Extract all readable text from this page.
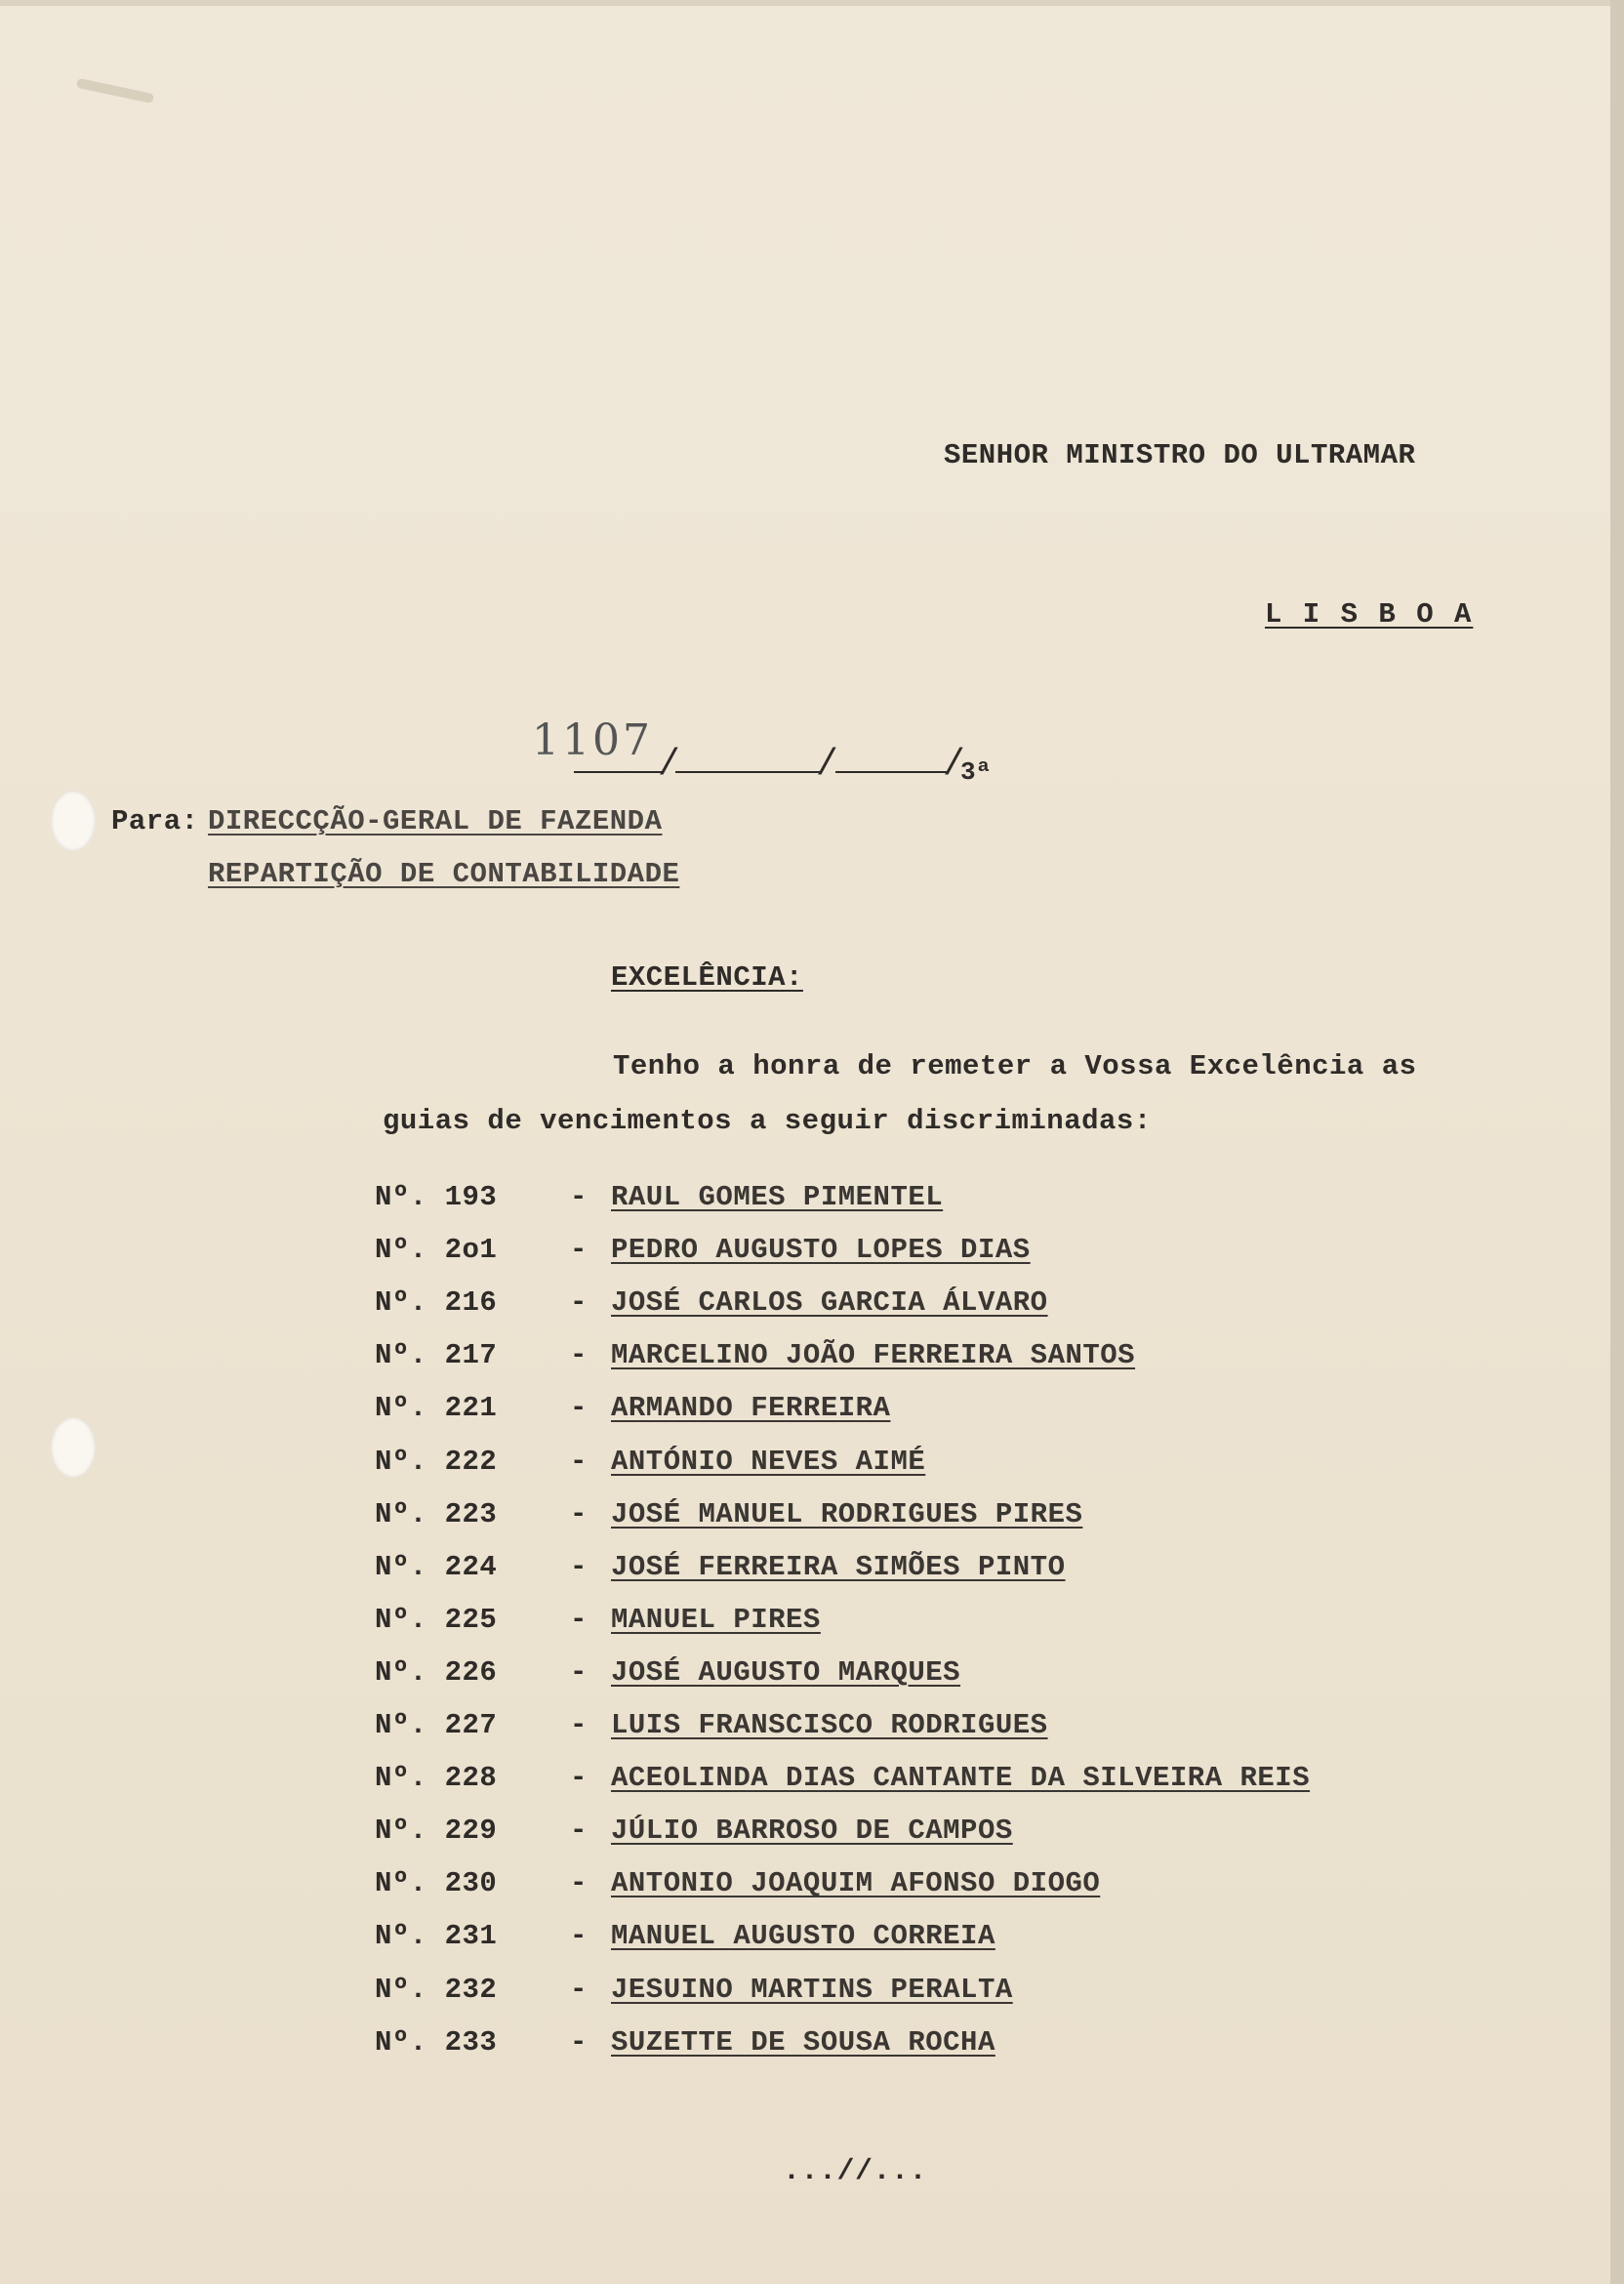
SENHOR MINISTRO DO ULTRAMAR
L I S B O A
1107 /	/	/
3ª
Para: DIRECCÇÃO-GERAL DE FAZENDA
REPARTIÇÃO DE CONTABILIDADE
EXCELÊNCIA:
Tenho a honra de remeter a Vossa Excelência as
guias de vencimentos a seguir discriminadas:
Nº. 193	- RAUL GOMES PIMENTEL
Nº. 2o1	- PEDRO AUGUSTO LOPES DIAS
Nº. 216	- JOSÉ CARLOS GARCIA ÁLVARO
Nº. 217	- MARCELINO JOÃO FERREIRA SANTOS
Nº. 221	- ARMANDO FERREIRA
Nº. 222	- ANTÓNIO NEVES AIMÉ
Nº. 223	- JOSÉ MANUEL RODRIGUES PIRES
Nº. 224	- JOSÉ FERREIRA SIMÕES PINTO
Nº. 225	- MANUEL PIRES
Nº. 226	- JOSÉ AUGUSTO MARQUES
Nº. 227	- LUIS FRANSCISCO RODRIGUES
Nº. 228	- ACEOLINDA DIAS CANTANTE DA SILVEIRA REIS
Nº. 229	- JÚLIO BARROSO DE CAMPOS
Nº. 230	- ANTONIO JOAQUIM AFONSO DIOGO
Nº. 231	- MANUEL AUGUSTO CORREIA
Nº. 232	- JESUINO MARTINS PERALTA
Nº. 233	- SUZETTE DE SOUSA ROCHA
...//...
